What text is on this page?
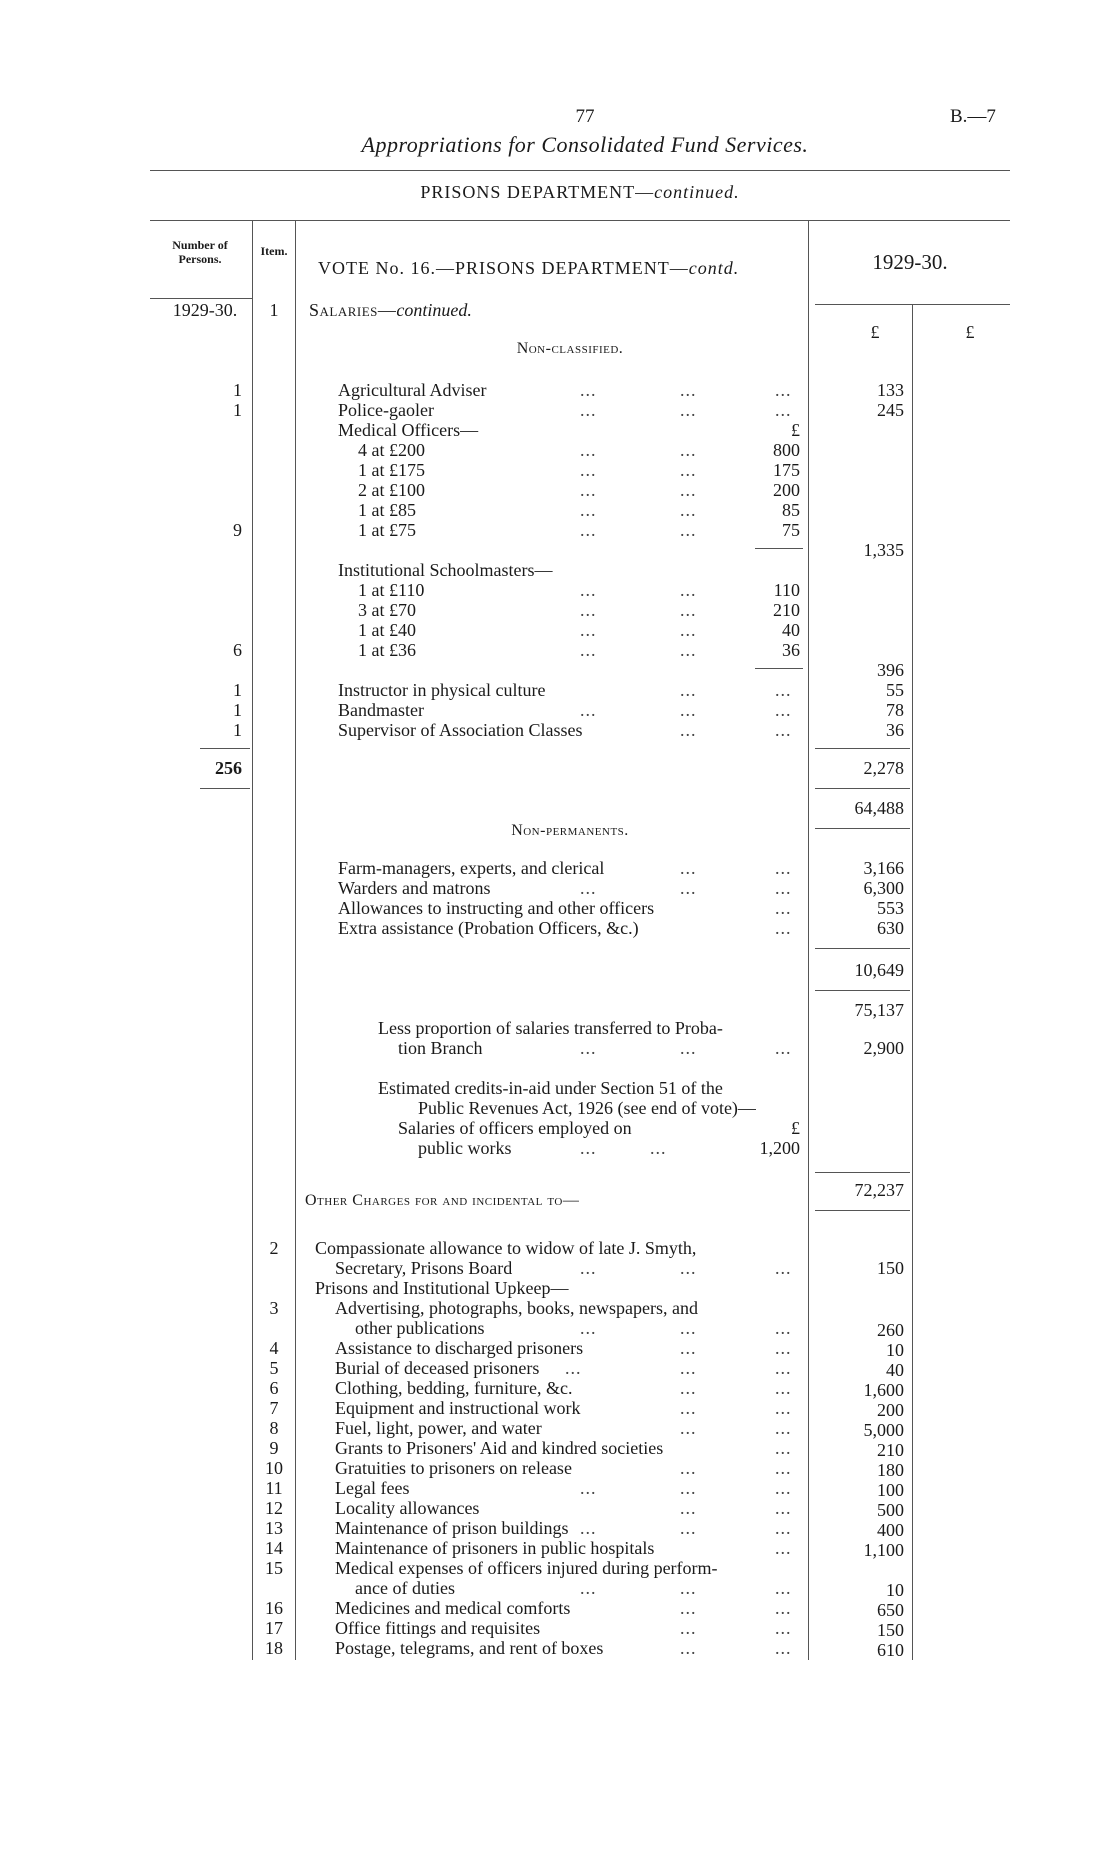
77	B.—7
Appropriations for Consolidated Fund Services.
PRISONS DEPARTMENT—continued.
Number of Persons.
Item.
VOTE No. 16.—PRISONS DEPARTMENT—contd.	1929-30.
1929-30.
£	£
1	Salaries—continued.
Non-classified.
1	Agricultural Adviser	...	...	...	133
1	Police-gaoler	...	...	...	245
Medical Officers—	£
4 at £200	...	...	800
1 at £175	...	...	175
2 at £100	...	...	200
1 at £85	...	...	85
9	1 at £75	...	...	75
1,335
Institutional Schoolmasters—
1 at £110	...	...	110
3 at £70	...	...	210
1 at £40	...	...	40
6	1 at £36	...	...	36
396
1	Instructor in physical culture	...	...	55
1	Bandmaster	...	...	...	78
1	Supervisor of Association Classes	...	...	36
256	2,278
64,488
Non-permanents.
Farm-managers, experts, and clerical	...	...	3,166
Warders and matrons	...	...	...	6,300
Allowances to instructing and other officers	...	553
Extra assistance (Probation Officers, &c.)	...	630
10,649
75,137
Less proportion of salaries transferred to Proba-
tion Branch	...	...	...	2,900
Estimated credits-in-aid under Section 51 of the
Public Revenues Act, 1926 (see end of vote)—
Salaries of officers employed on	£
public works	...	...	1,200
72,237
Other Charges for and incidental to—
2	Compassionate allowance to widow of late J. Smyth,
Secretary, Prisons Board	...	...	...	150
Prisons and Institutional Upkeep—
3	Advertising, photographs, books, newspapers, and
other publications	...	...	...	260
4	Assistance to discharged prisoners	...	...	10
5	Burial of deceased prisoners ...	...	...	40
6	Clothing, bedding, furniture, &c.	...	...	1,600
7	Equipment and instructional work	...	...	200
8	Fuel, light, power, and water	...	...	5,000
9	Grants to Prisoners' Aid and kindred societies	...	210
10	Gratuities to prisoners on release	...	...	180
11	Legal fees	...	...	...	100
12	Locality allowances	...	...	500
13	Maintenance of prison buildings ...	...	...	400
14	Maintenance of prisoners in public hospitals	...	1,100
15	Medical expenses of officers injured during perform-
ance of duties	...	...	...	10
16	Medicines and medical comforts	...	...	650
17	Office fittings and requisites	...	...	150
18	Postage, telegrams, and rent of boxes	...	...	610
